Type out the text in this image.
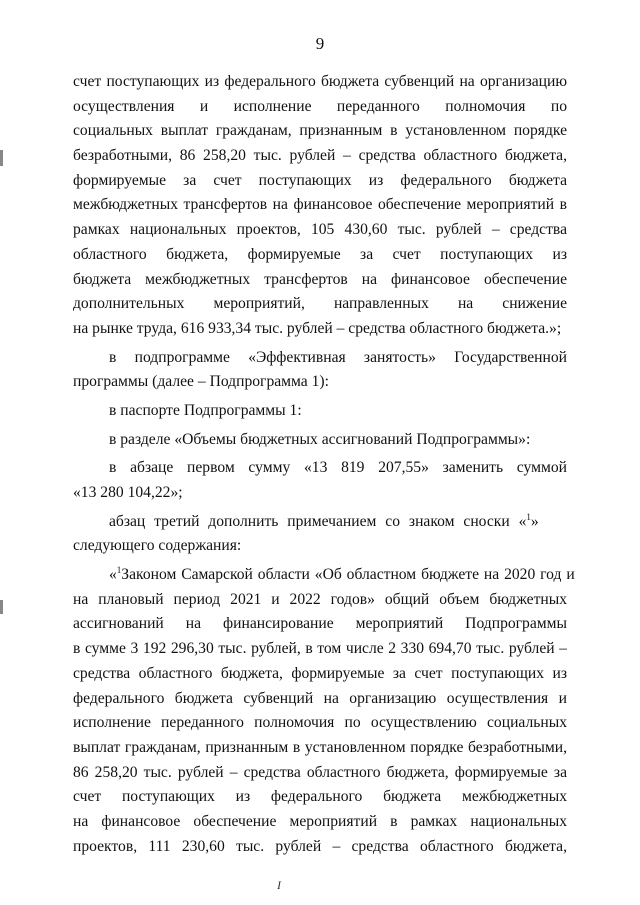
9
счет поступающих из федерального бюджета субвенций на организацию
осуществления и исполнение переданного полномочия по
социальных выплат гражданам, признанным в установленном порядке
безработными, 86 258,20 тыс. рублей – средства областного бюджета,
формируемые за счет поступающих из федерального бюджета
межбюджетных трансфертов на финансовое обеспечение мероприятий в
рамках национальных проектов, 105 430,60 тыс. рублей – средства
областного бюджета, формируемые за счет поступающих из
бюджета межбюджетных трансфертов на финансовое обеспечение
дополнительных мероприятий, направленных на снижение
на рынке труда, 616 933,34 тыс. рублей – средства областного бюджета.»;
в подпрограмме «Эффективная занятость» Государственной
программы (далее – Подпрограмма 1):
в паспорте Подпрограммы 1:
в разделе «Объемы бюджетных ассигнований Подпрограммы»:
в абзаце первом сумму «13 819 207,55» заменить суммой
«13 280 104,22»;
абзац третий дополнить примечанием со знаком сноски «$^1$»
следующего содержания:
«$^1$Законом Самарской области «Об областном бюджете на 2020 год и
на плановый период 2021 и 2022 годов» общий объем бюджетных
ассигнований на финансирование мероприятий Подпрограммы
в сумме 3 192 296,30 тыс. рублей, в том числе 2 330 694,70 тыс. рублей –
средства областного бюджета, формируемые за счет поступающих из
федерального бюджета субвенций на организацию осуществления и
исполнение переданного полномочия по осуществлению социальных
выплат гражданам, признанным в установленном порядке безработными,
86 258,20 тыс. рублей – средства областного бюджета, формируемые за
счет поступающих из федерального бюджета межбюджетных
на финансовое обеспечение мероприятий в рамках национальных
проектов, 111 230,60 тыс. рублей – средства областного бюджета,
I
